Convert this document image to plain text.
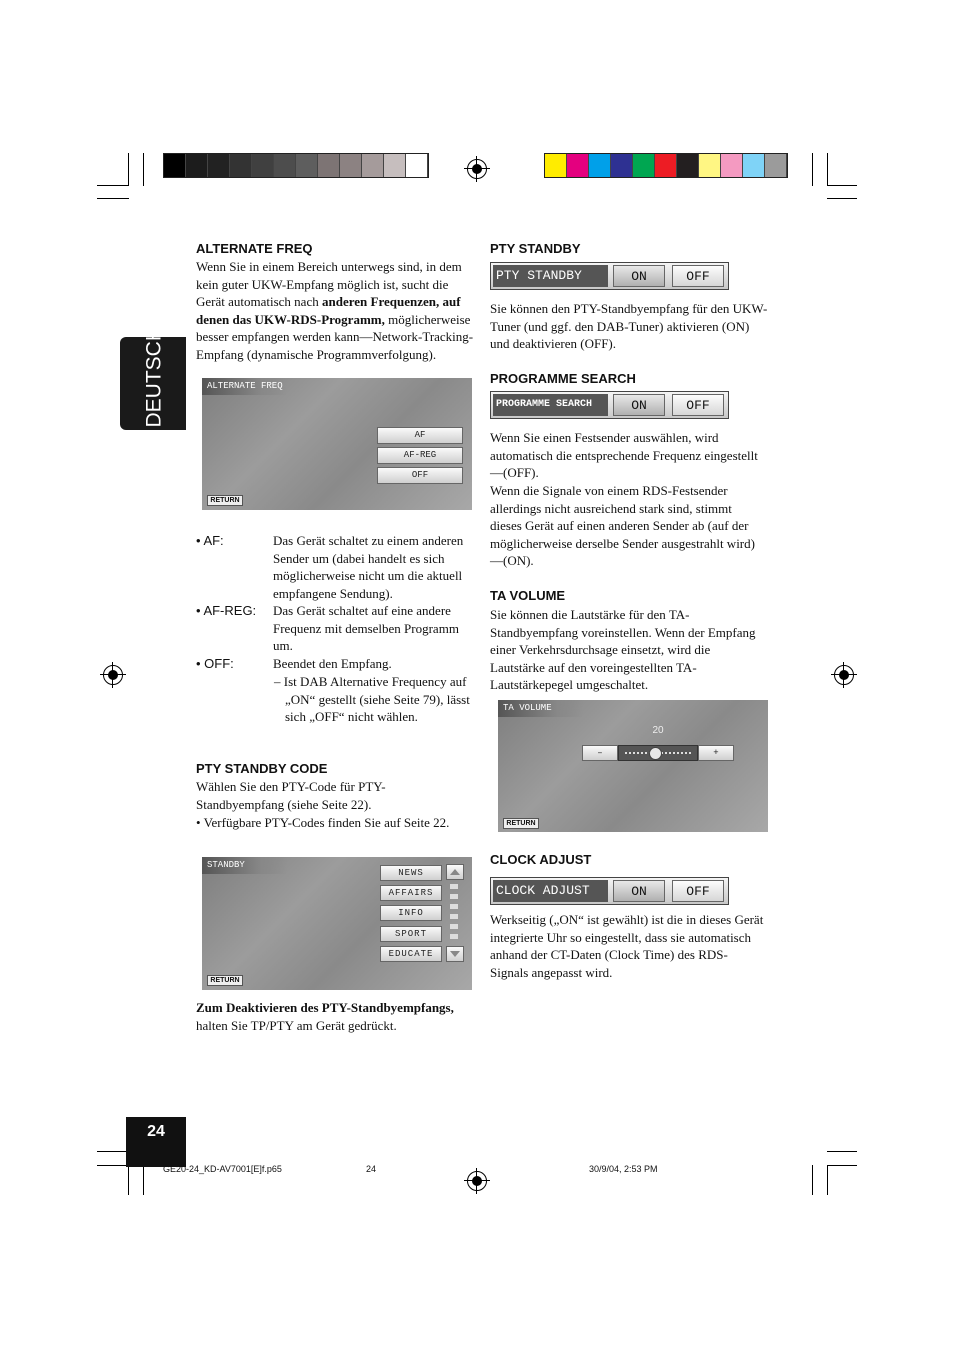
DEUTSCH
24
ALTERNATE FREQ

Wenn Sie in einem Bereich unterwegs sind, in dem kein guter UKW-Empfang möglich ist, sucht die Gerät automatisch nach anderen Frequenzen, auf denen das UKW-RDS-Programm, möglicherweise besser empfangen werden kann—Network-Tracking-Empfang (dynamische Programmverfolgung).

ALTERNATE FREQ
AF
AF-REG
OFF
RETURN
• AF:	Das Gerät schaltet zu einem anderen Sender um (dabei handelt es sich möglicherweise nicht um die aktuell empfangene Sendung).

• AF-REG: Das Gerät schaltet auf eine andere Frequenz mit demselben Programm um.

• OFF:	Beendet den Empfang.

– Ist DAB Alternative Frequency auf „ON“ gestellt (siehe Seite 79), lässt sich „OFF“ nicht wählen.

PTY STANDBY CODE

Wählen Sie den PTY-Code für PTY-Standbyempfang (siehe Seite 22).

• Verfügbare PTY-Codes finden Sie auf Seite 22.

STANDBY
NEWS
AFFAIRS
INFO
SPORT
EDUCATE
RETURN

Zum Deaktivieren des PTY-Standbyempfangs, halten Sie TP/PTY am Gerät gedrückt.

PTY STANDBY
PTY STANDBY	ON	OFF

Sie können den PTY-Standbyempfang für den UKW-Tuner (und ggf. den DAB-Tuner) aktivieren (ON) und deaktivieren (OFF).

PROGRAMME SEARCH
PROGRAMME SEARCH	ON	OFF

Wenn Sie einen Festsender auswählen, wird automatisch die entsprechende Frequenz eingestellt—(OFF).

Wenn die Signale von einem RDS-Festsender allerdings nicht ausreichend stark sind, stimmt dieses Gerät auf einen anderen Sender ab (auf der möglicherweise derselbe Sender ausgestrahlt wird)—(ON).

TA VOLUME

Sie können die Lautstärke für den TA-Standbyempfang voreinstellen. Wenn der Empfang einer Verkehrsdurchsage einsetzt, wird die Lautstärke auf den voreingestellten TA-Lautstärkepegel umgeschaltet.

TA VOLUME
20
–	+
RETURN
CLOCK ADJUST
CLOCK ADJUST	ON	OFF

Werkseitig („ON“ ist gewählt) ist die in dieses Gerät integrierte Uhr so eingestellt, dass sie automatisch anhand der CT-Daten (Clock Time) des RDS-Signals angepasst wird.

GE20-24_KD-AV7001[E]f.p65	24	30/9/04, 2:53 PM
